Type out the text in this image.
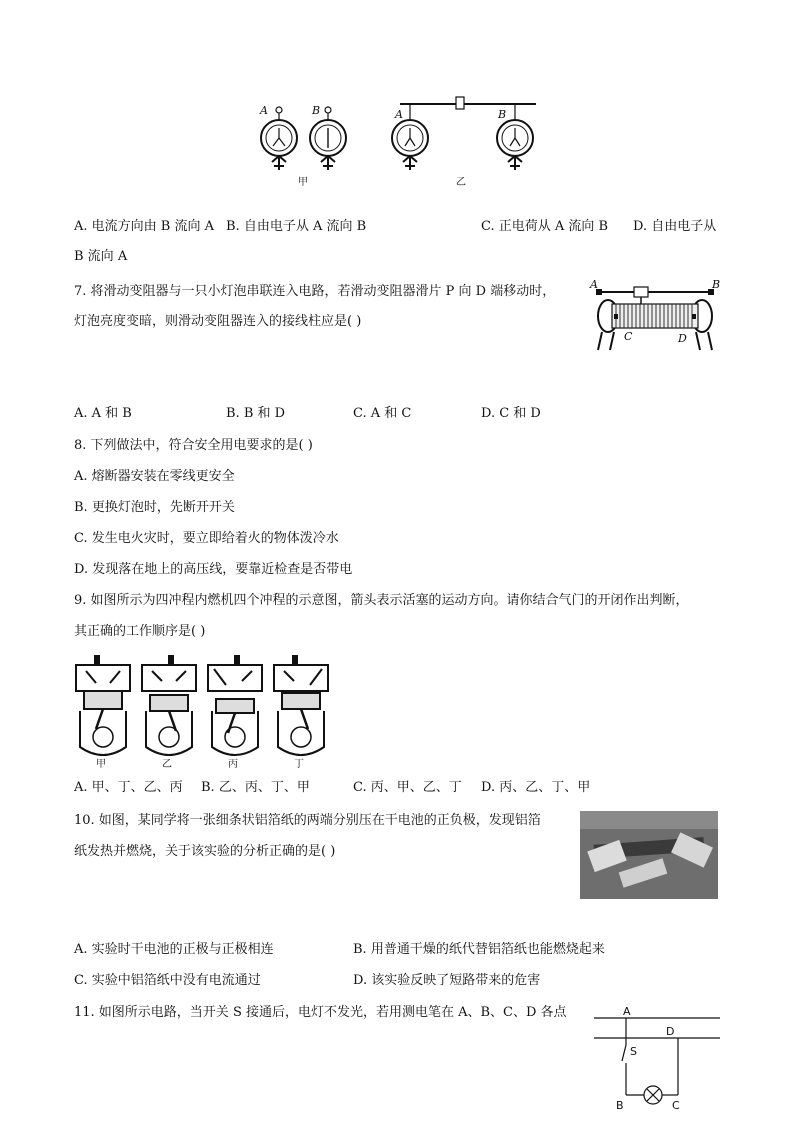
A	B	A	B
甲	乙
A. 电流方向由 B 流向 A B. 自由电子从 A 流向 B	C. 正电荷从 A 流向 B D. 自由电子从
B 流向 A
7. 将滑动变阻器与一只小灯泡串联连入电路，若滑动变阻器滑片 P 向 D 端移动时，
灯泡亮度变暗，则滑动变阻器连入的接线柱应是( )
A	B
C	D
A. A 和 B	B. B 和 D	C. A 和 C	D. C 和 D
8. 下列做法中，符合安全用电要求的是( )
A. 熔断器安装在零线更安全
B. 更换灯泡时，先断开开关
C. 发生电火灾时，要立即给着火的物体泼冷水
D. 发现落在地上的高压线，要靠近检查是否带电
9. 如图所示为四冲程内燃机四个冲程的示意图，箭头表示活塞的运动方向。请你结合气门的开闭作出判断，
其正确的工作顺序是( )
甲	乙	丙	丁
A. 甲、丁、乙、丙 B. 乙、丙、丁、甲	C. 丙、甲、乙、丁 D. 丙、乙、丁、甲
10. 如图，某同学将一张细条状铝箔纸的两端分别压在干电池的正负极，发现铝箔
纸发热并燃烧，关于该实验的分析正确的是( )
A. 实验时干电池的正极与正极相连	B. 用普通干燥的纸代替铝箔纸也能燃烧起来
C. 实验中铝箔纸中没有电流通过	D. 该实验反映了短路带来的危害
11. 如图所示电路，当开关 S 接通后，电灯不发光，若用测电笔在 A、B、C、D 各点	A
D
S
B	C
